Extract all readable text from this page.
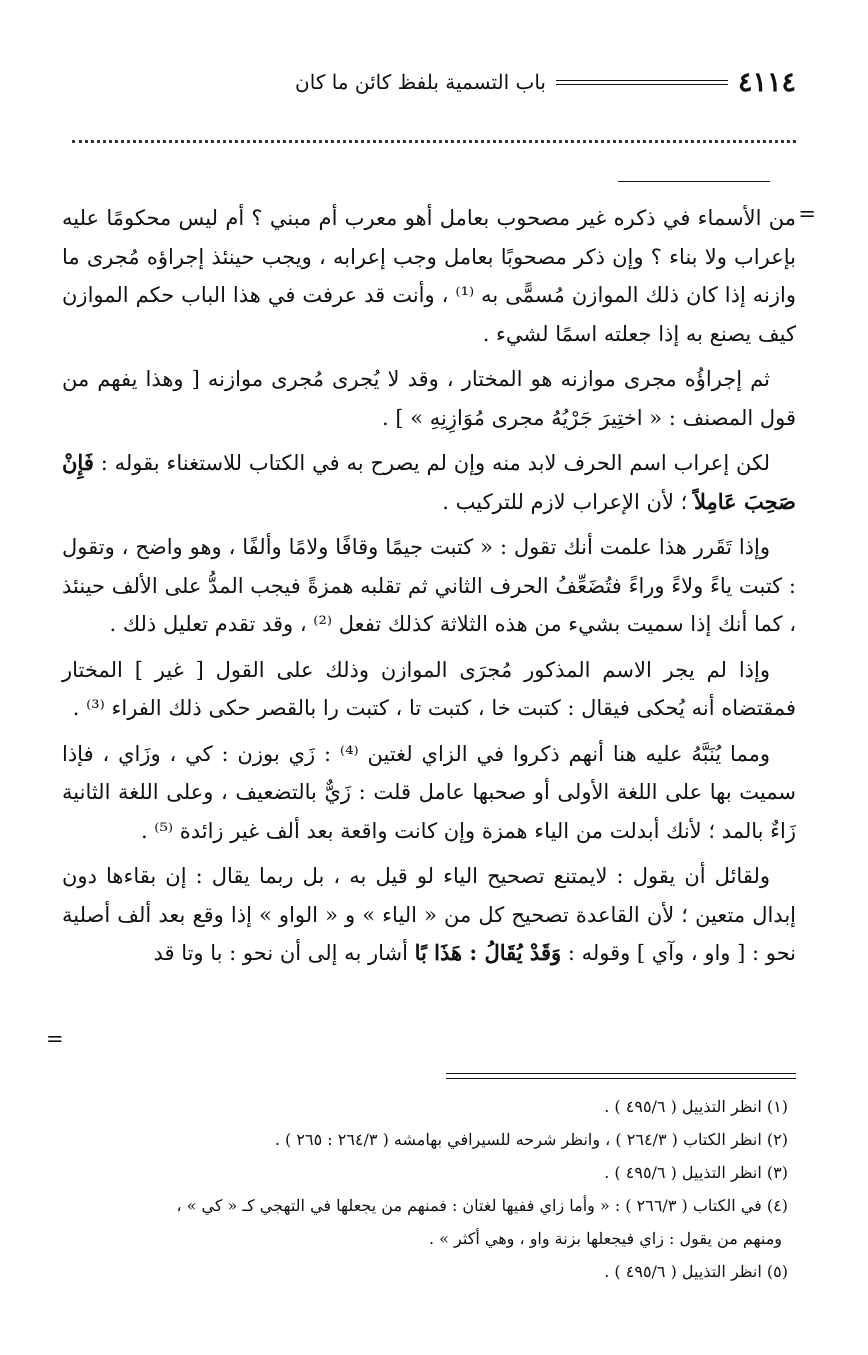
٤١١٤
باب التسمية بلفظ كائن ما كان
=

من الأسماء في ذكره غير مصحوب بعامل أهو معرب أم مبني ؟ أم ليس محكومًا عليه بإعراب ولا بناء ؟ وإن ذكر مصحوبًا بعامل وجب إعرابه ، ويجب حينئذ إجراؤه مُجرى ما وازنه إذا كان ذلك الموازن مُسمًّى به ⁽¹⁾ ، وأنت قد عرفت في هذا الباب حكم الموازن كيف يصنع به إذا جعلته اسمًا لشيء .

ثم إجراؤُه مجرى موازنه هو المختار ، وقد لا يُجرى مُجرى موازنه [ وهذا يفهم من قول المصنف : « اختِيرَ جَرْيُهُ مجرى مُوَازِنِهِ » ] .

لكن إعراب اسم الحرف لابد منه وإن لم يصرح به في الكتاب للاستغناء بقوله : فَإِنْ صَحِبَ عَامِلاً ؛ لأن الإعراب لازم للتركيب .

وإذا تَقَرر هذا علمت أنك تقول : « كتبت جيمًا وقافًا ولامًا وألفًا ، وهو واضح ، وتقول : كتبت ياءً ولاءً وراءً فتُضَعِّفُ الحرف الثاني ثم تقلبه همزةً فيجب المدُّ على الألف حينئذ ، كما أنك إذا سميت بشيء من هذه الثلاثة كذلك تفعل ⁽²⁾ ، وقد تقدم تعليل ذلك .

وإذا لم يجر الاسم المذكور مُجرَى الموازن وذلك على القول [ غير ] المختار فمقتضاه أنه يُحكى فيقال : كتبت خا ، كتبت تا ، كتبت را بالقصر حكى ذلك الفراء ⁽³⁾ .

ومما يُنَبَّهُ عليه هنا أنهم ذكروا في الزاي لغتين ⁽⁴⁾ : زَي بوزن : كي ، وزَاي ، فإذا سميت بها على اللغة الأولى أو صحبها عامل قلت : زَيٌّ بالتضعيف ، وعلى اللغة الثانية زَاءٌ بالمد ؛ لأنك أبدلت من الياء همزة وإن كانت واقعة بعد ألف غير زائدة ⁽⁵⁾ .

ولقائل أن يقول : لايمتنع تصحيح الياء لو قيل به ، بل ربما يقال : إن بقاءها دون إبدال متعين ؛ لأن القاعدة تصحيح كل من « الياء » و « الواو » إذا وقع بعد ألف أصلية نحو : [ واو ، وآي ] وقوله : وَقَدْ يُقَالُ : هَذَا بًا أشار به إلى أن نحو : با وتا قد

=

(١) انظر التذييل ( ٤٩٥/٦ ) .

(٢) انظر الكتاب ( ٢٦٤/٣ ) ، وانظر شرحه للسيرافي بهامشه ( ٢٦٤/٣ : ٢٦٥ ) .

(٣) انظر التذييل ( ٤٩٥/٦ ) .

(٤) في الكتاب ( ٢٦٦/٣ ) : « وأما زاي ففيها لغتان : فمنهم من يجعلها في التهجي كـ « كي » ،

ومنهم من يقول : زاي فيجعلها بزنة واو ، وهي أكثر » .

(٥) انظر التذييل ( ٤٩٥/٦ ) .
